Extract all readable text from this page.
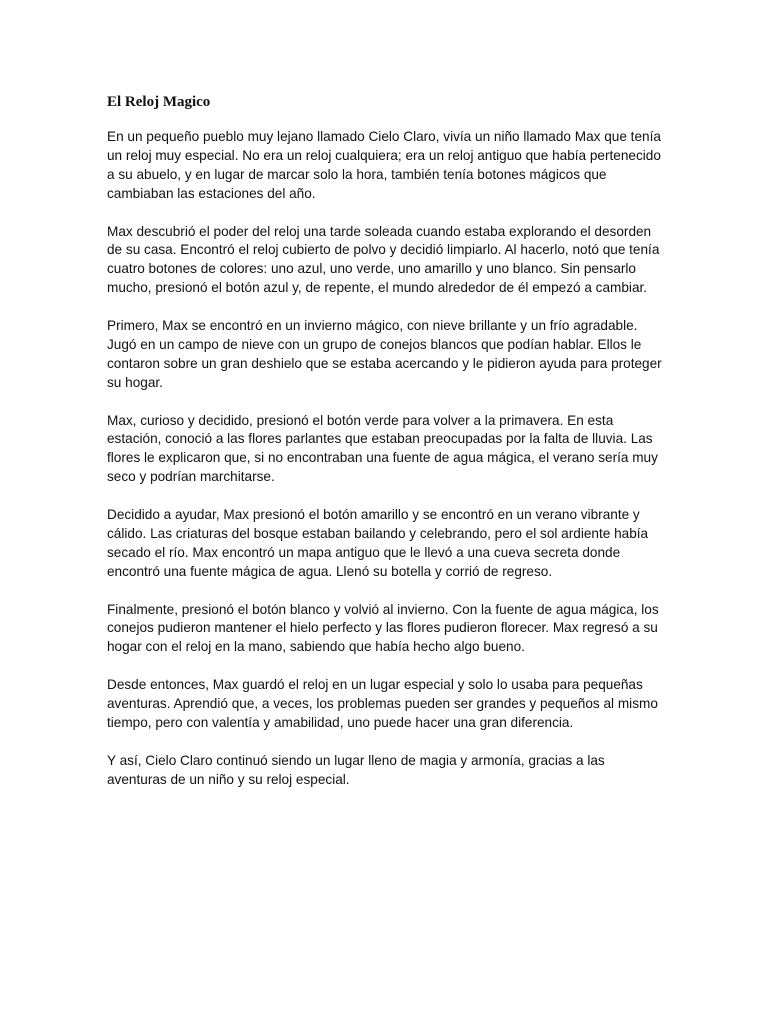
El Reloj Magico

En un pequeño pueblo muy lejano llamado Cielo Claro, vivía un niño llamado Max que tenía un reloj muy especial. No era un reloj cualquiera; era un reloj antiguo que había pertenecido a su abuelo, y en lugar de marcar solo la hora, también tenía botones mágicos que cambiaban las estaciones del año.

Max descubrió el poder del reloj una tarde soleada cuando estaba explorando el desorden de su casa. Encontró el reloj cubierto de polvo y decidió limpiarlo. Al hacerlo, notó que tenía cuatro botones de colores: uno azul, uno verde, uno amarillo y uno blanco. Sin pensarlo mucho, presionó el botón azul y, de repente, el mundo alrededor de él empezó a cambiar.

Primero, Max se encontró en un invierno mágico, con nieve brillante y un frío agradable. Jugó en un campo de nieve con un grupo de conejos blancos que podían hablar. Ellos le contaron sobre un gran deshielo que se estaba acercando y le pidieron ayuda para proteger su hogar.

Max, curioso y decidido, presionó el botón verde para volver a la primavera. En esta estación, conoció a las flores parlantes que estaban preocupadas por la falta de lluvia. Las flores le explicaron que, si no encontraban una fuente de agua mágica, el verano sería muy seco y podrían marchitarse.

Decidido a ayudar, Max presionó el botón amarillo y se encontró en un verano vibrante y cálido. Las criaturas del bosque estaban bailando y celebrando, pero el sol ardiente había secado el río. Max encontró un mapa antiguo que le llevó a una cueva secreta donde encontró una fuente mágica de agua. Llenó su botella y corrió de regreso.

Finalmente, presionó el botón blanco y volvió al invierno. Con la fuente de agua mágica, los conejos pudieron mantener el hielo perfecto y las flores pudieron florecer. Max regresó a su hogar con el reloj en la mano, sabiendo que había hecho algo bueno.

Desde entonces, Max guardó el reloj en un lugar especial y solo lo usaba para pequeñas aventuras. Aprendió que, a veces, los problemas pueden ser grandes y pequeños al mismo tiempo, pero con valentía y amabilidad, uno puede hacer una gran diferencia.

Y así, Cielo Claro continuó siendo un lugar lleno de magia y armonía, gracias a las aventuras de un niño y su reloj especial.
